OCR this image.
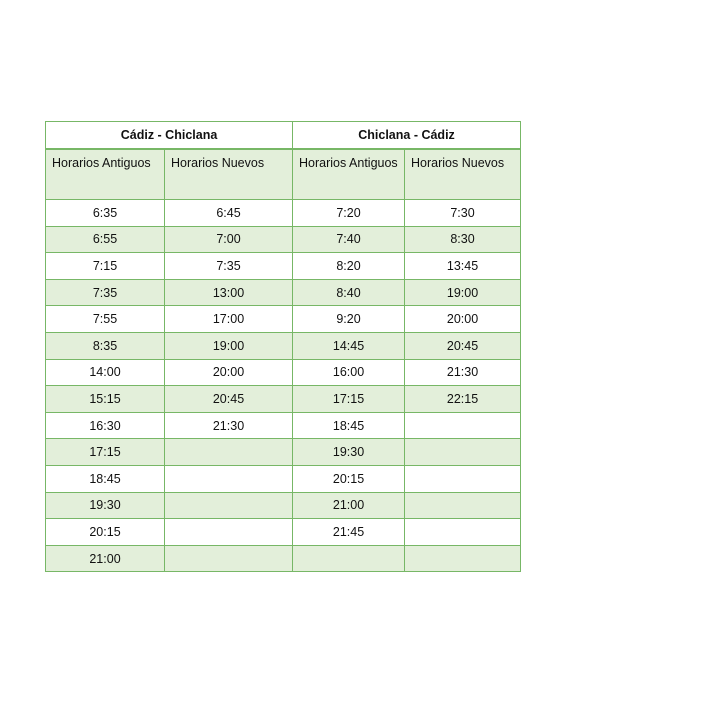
Cádiz - Chiclana		Chiclana - Cádiz	
Horarios Antiguos	Horarios Nuevos	Horarios Antiguos	Horarios Nuevos
6:35	6:45	7:20	7:30
6:55	7:00	7:40	8:30
7:15	7:35	8:20	13:45
7:35	13:00	8:40	19:00
7:55	17:00	9:20	20:00
8:35	19:00	14:45	20:45
14:00	20:00	16:00	21:30
15:15	20:45	17:15	22:15
16:30	21:30	18:45	
17:15		19:30	
18:45		20:15	
19:30		21:00	
20:15		21:45	
21:00			
